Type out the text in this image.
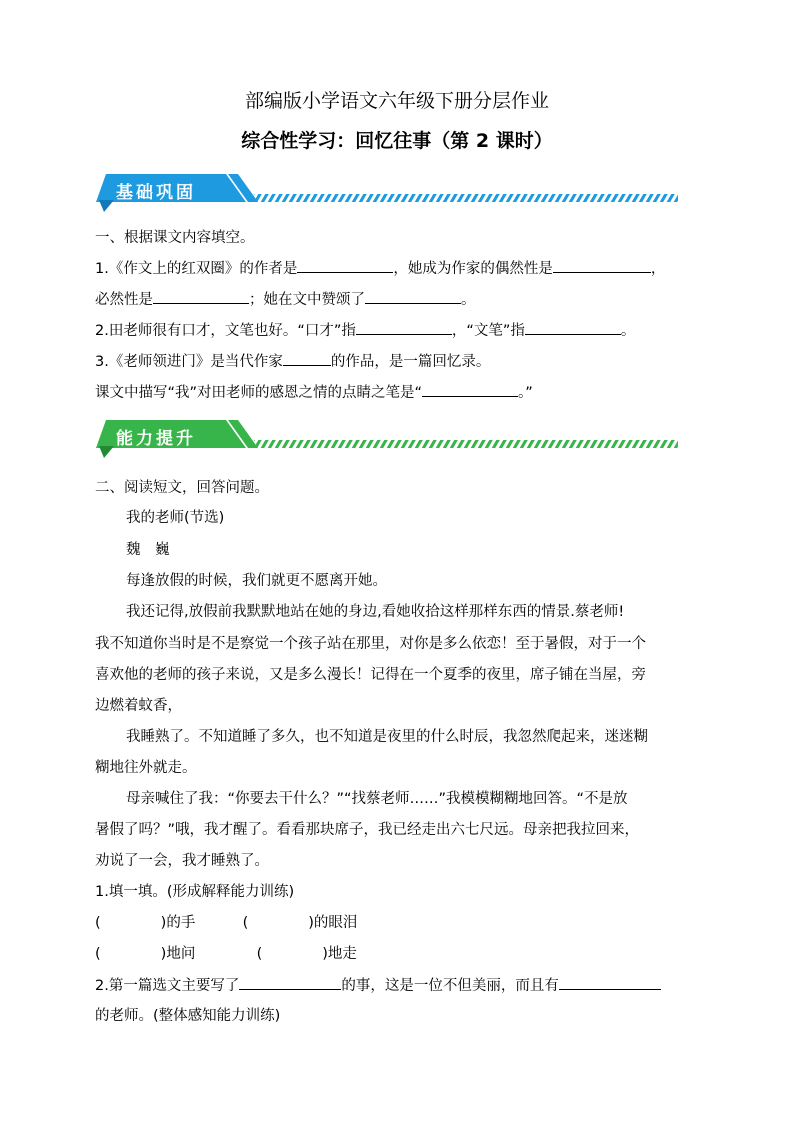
部编版小学语文六年级下册分层作业
综合性学习：回忆往事（第 2 课时）
基础巩固
一、根据课文内容填空。
1.《作文上的红双圈》的作者是	，她成为作家的偶然性是	，
必然性是	；她在文中赞颂了	。
2.田老师很有口才，文笔也好。“口才”指	，“文笔”指	。
3.《老师领进门》是当代作家	的作品，是一篇回忆录。
课文中描写“我”对田老师的感恩之情的点睛之笔是“	。”
能力提升
二、阅读短文，回答问题。
我的老师(节选)
魏　巍
每逢放假的时候，我们就更不愿离开她。
我还记得,放假前我默默地站在她的身边,看她收拾这样那样东西的情景.蔡老师!
我不知道你当时是不是察觉一个孩子站在那里，对你是多么依恋！至于暑假，对于一个
喜欢他的老师的孩子来说，又是多么漫长！记得在一个夏季的夜里，席子铺在当屋，旁
边燃着蚊香，
我睡熟了。不知道睡了多久，也不知道是夜里的什么时辰，我忽然爬起来，迷迷糊
糊地往外就走。
母亲喊住了我：“你要去干什么？”“找蔡老师……”我模模糊糊地回答。“不是放
暑假了吗？”哦，我才醒了。看看那块席子，我已经走出六七尺远。母亲把我拉回来，
劝说了一会，我才睡熟了。
1.填一填。(形成解释能力训练)
(	)的手	(	)的眼泪
(	)地问	(	)地走
2.第一篇选文主要写了	的事，这是一位不但美丽，而且有
的老师。(整体感知能力训练)
